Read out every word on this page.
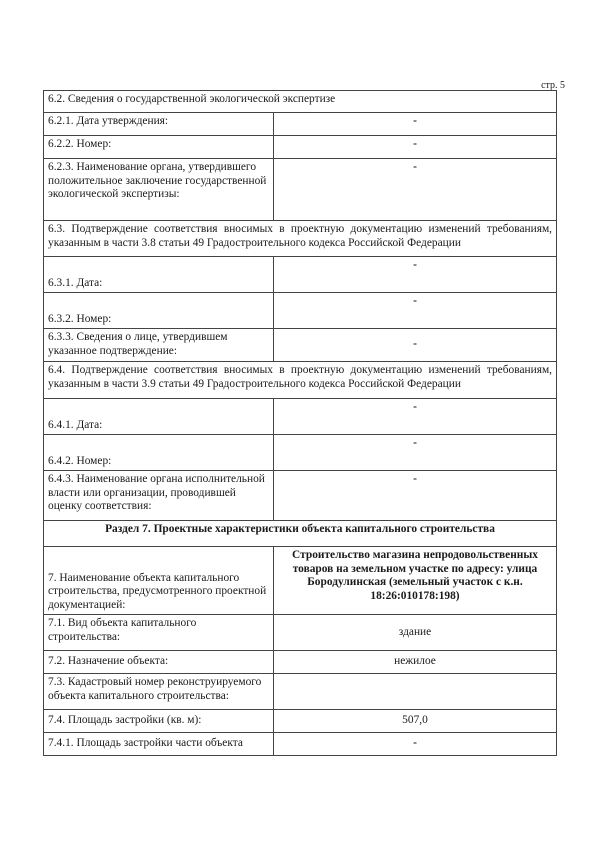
стр. 5
6.2. Сведения о государственной экологической экспертизе	
6.2.1. Дата утверждения:	-
6.2.2. Номер:	-
6.2.3. Наименование органа, утвердившего положительное заключение государственной экологической экспертизы:	-
6.3. Подтверждение соответствия вносимых в проектную документацию изменений требованиям, указанным в части 3.8 статьи 49 Градостроительного кодекса Российской Федерации	
6.3.1. Дата:	-
6.3.2. Номер:	-
6.3.3. Сведения о лице, утвердившем указанное подтверждение:	-
6.4. Подтверждение соответствия вносимых в проектную документацию изменений требованиям, указанным в части 3.9 статьи 49 Градостроительного кодекса Российской Федерации	
6.4.1. Дата:	-
6.4.2. Номер:	-
6.4.3. Наименование органа исполнительной власти или организации, проводившей оценку соответствия:	-
Раздел 7. Проектные характеристики объекта капитального строительства	
7. Наименование объекта капитального строительства, предусмотренного проектной документацией:	Строительство магазина непродовольственных товаров на земельном участке по адресу: улица Бородулинская (земельный участок с к.н. 18:26:010178:198)
7.1. Вид объекта капитального строительства:	здание
7.2. Назначение объекта:	нежилое
7.3. Кадастровый номер реконструируемого объекта капитального строительства:	
7.4. Площадь застройки (кв. м):	507,0
7.4.1. Площадь застройки части объекта	-
